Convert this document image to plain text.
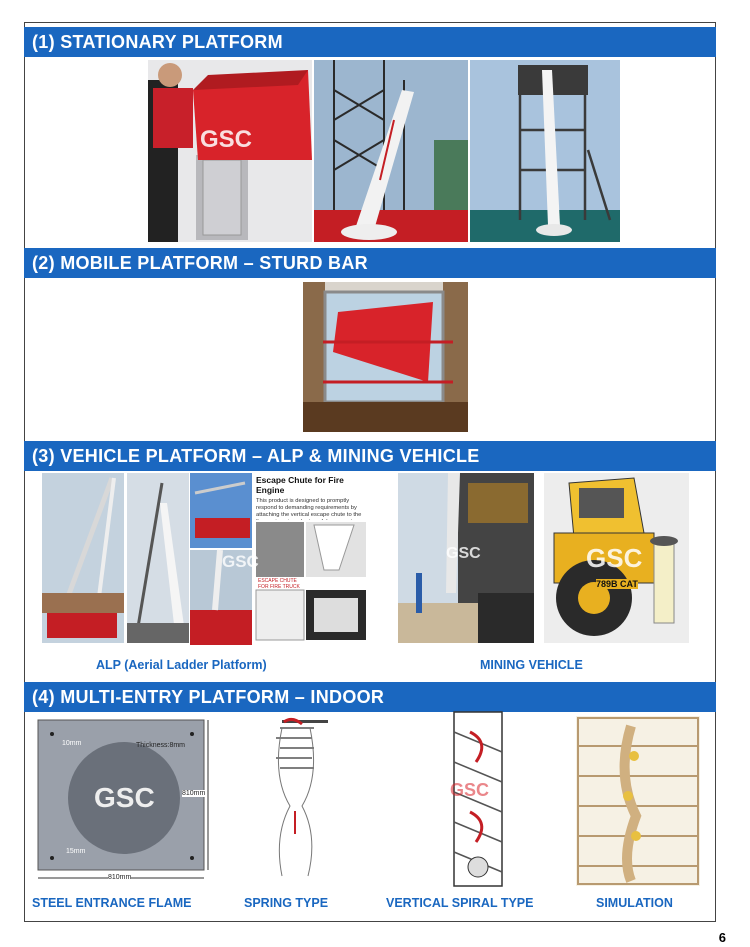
(1) STATIONARY PLATFORM
GSC
(2) MOBILE PLATFORM – STURD BAR
(3) VEHICLE PLATFORM – ALP & MINING VEHICLE
Escape Chute for Fire Engine
This product is designed to promptly respond to demanding requirements by attaching the vertical escape chute to the
ESCAPE CHUTE FOR FIRE TRUCK
GSC	GSC	GSC
789B CAT
ALP (Aerial Ladder Platform)	MINING VEHICLE
(4) MULTI-ENTRY PLATFORM – INDOOR
GSC
Thickness:8mm
810mm
810mm
10mm
15mm
GSC
STEEL ENTRANCE FLAME	SPRING TYPE	VERTICAL SPIRAL TYPE	SIMULATION
6
